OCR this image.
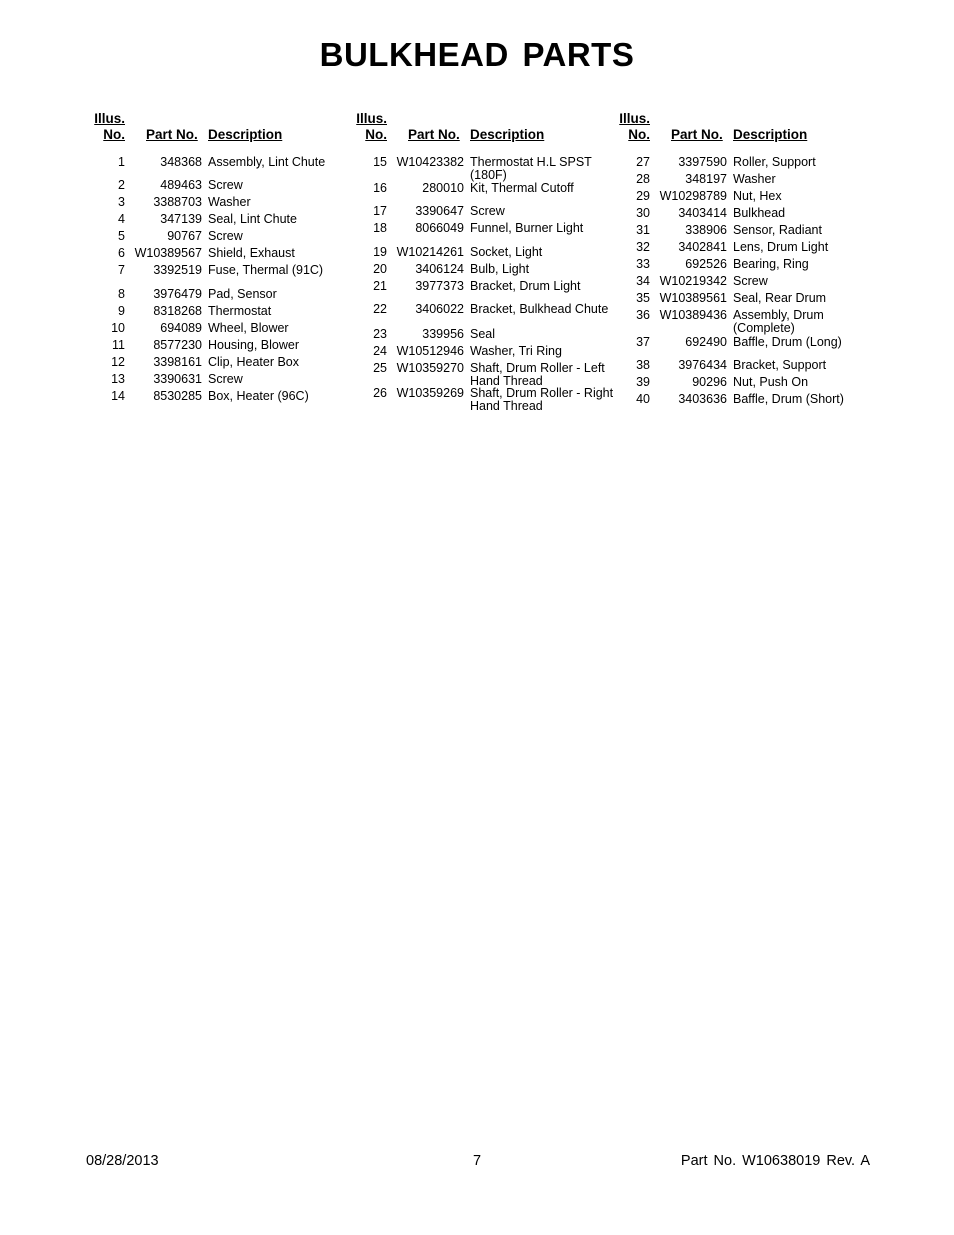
BULKHEAD PARTS
Illus.
No. Part No. Description
1	348368 Assembly, Lint Chute
2	489463 Screw
3	3388703 Washer
4	347139 Seal, Lint Chute
5	90767 Screw
6 W10389567 Shield, Exhaust
7	3392519 Fuse, Thermal (91C)
8	3976479 Pad, Sensor
9	8318268 Thermostat
10	694089 Wheel, Blower
11	8577230 Housing, Blower
12	3398161 Clip, Heater Box
13	3390631 Screw
14	8530285 Box, Heater (96C)
Illus.
No. Part No. Description
15 W10423382 Thermostat H.L SPST (180F)
16	280010 Kit, Thermal Cutoff
17	3390647 Screw
18	8066049 Funnel, Burner Light
19 W10214261 Socket, Light
20	3406124 Bulb, Light
21	3977373 Bracket, Drum Light
22	3406022 Bracket, Bulkhead Chute
23	339956 Seal
24 W10512946 Washer, Tri Ring
25 W10359270 Shaft, Drum Roller - Left Hand Thread
26 W10359269 Shaft, Drum Roller - Right Hand Thread
Illus.
No. Part No. Description
27	3397590 Roller, Support
28	348197 Washer
29 W10298789 Nut, Hex
30	3403414 Bulkhead
31	338906 Sensor, Radiant
32	3402841 Lens, Drum Light
33	692526 Bearing, Ring
34 W10219342 Screw
35 W10389561 Seal, Rear Drum
36 W10389436 Assembly, Drum (Complete)
37	692490 Baffle, Drum (Long)
38	3976434 Bracket, Support
39	90296 Nut, Push On
40	3403636 Baffle, Drum (Short)
08/28/2013	7	Part No. W10638019 Rev. A
